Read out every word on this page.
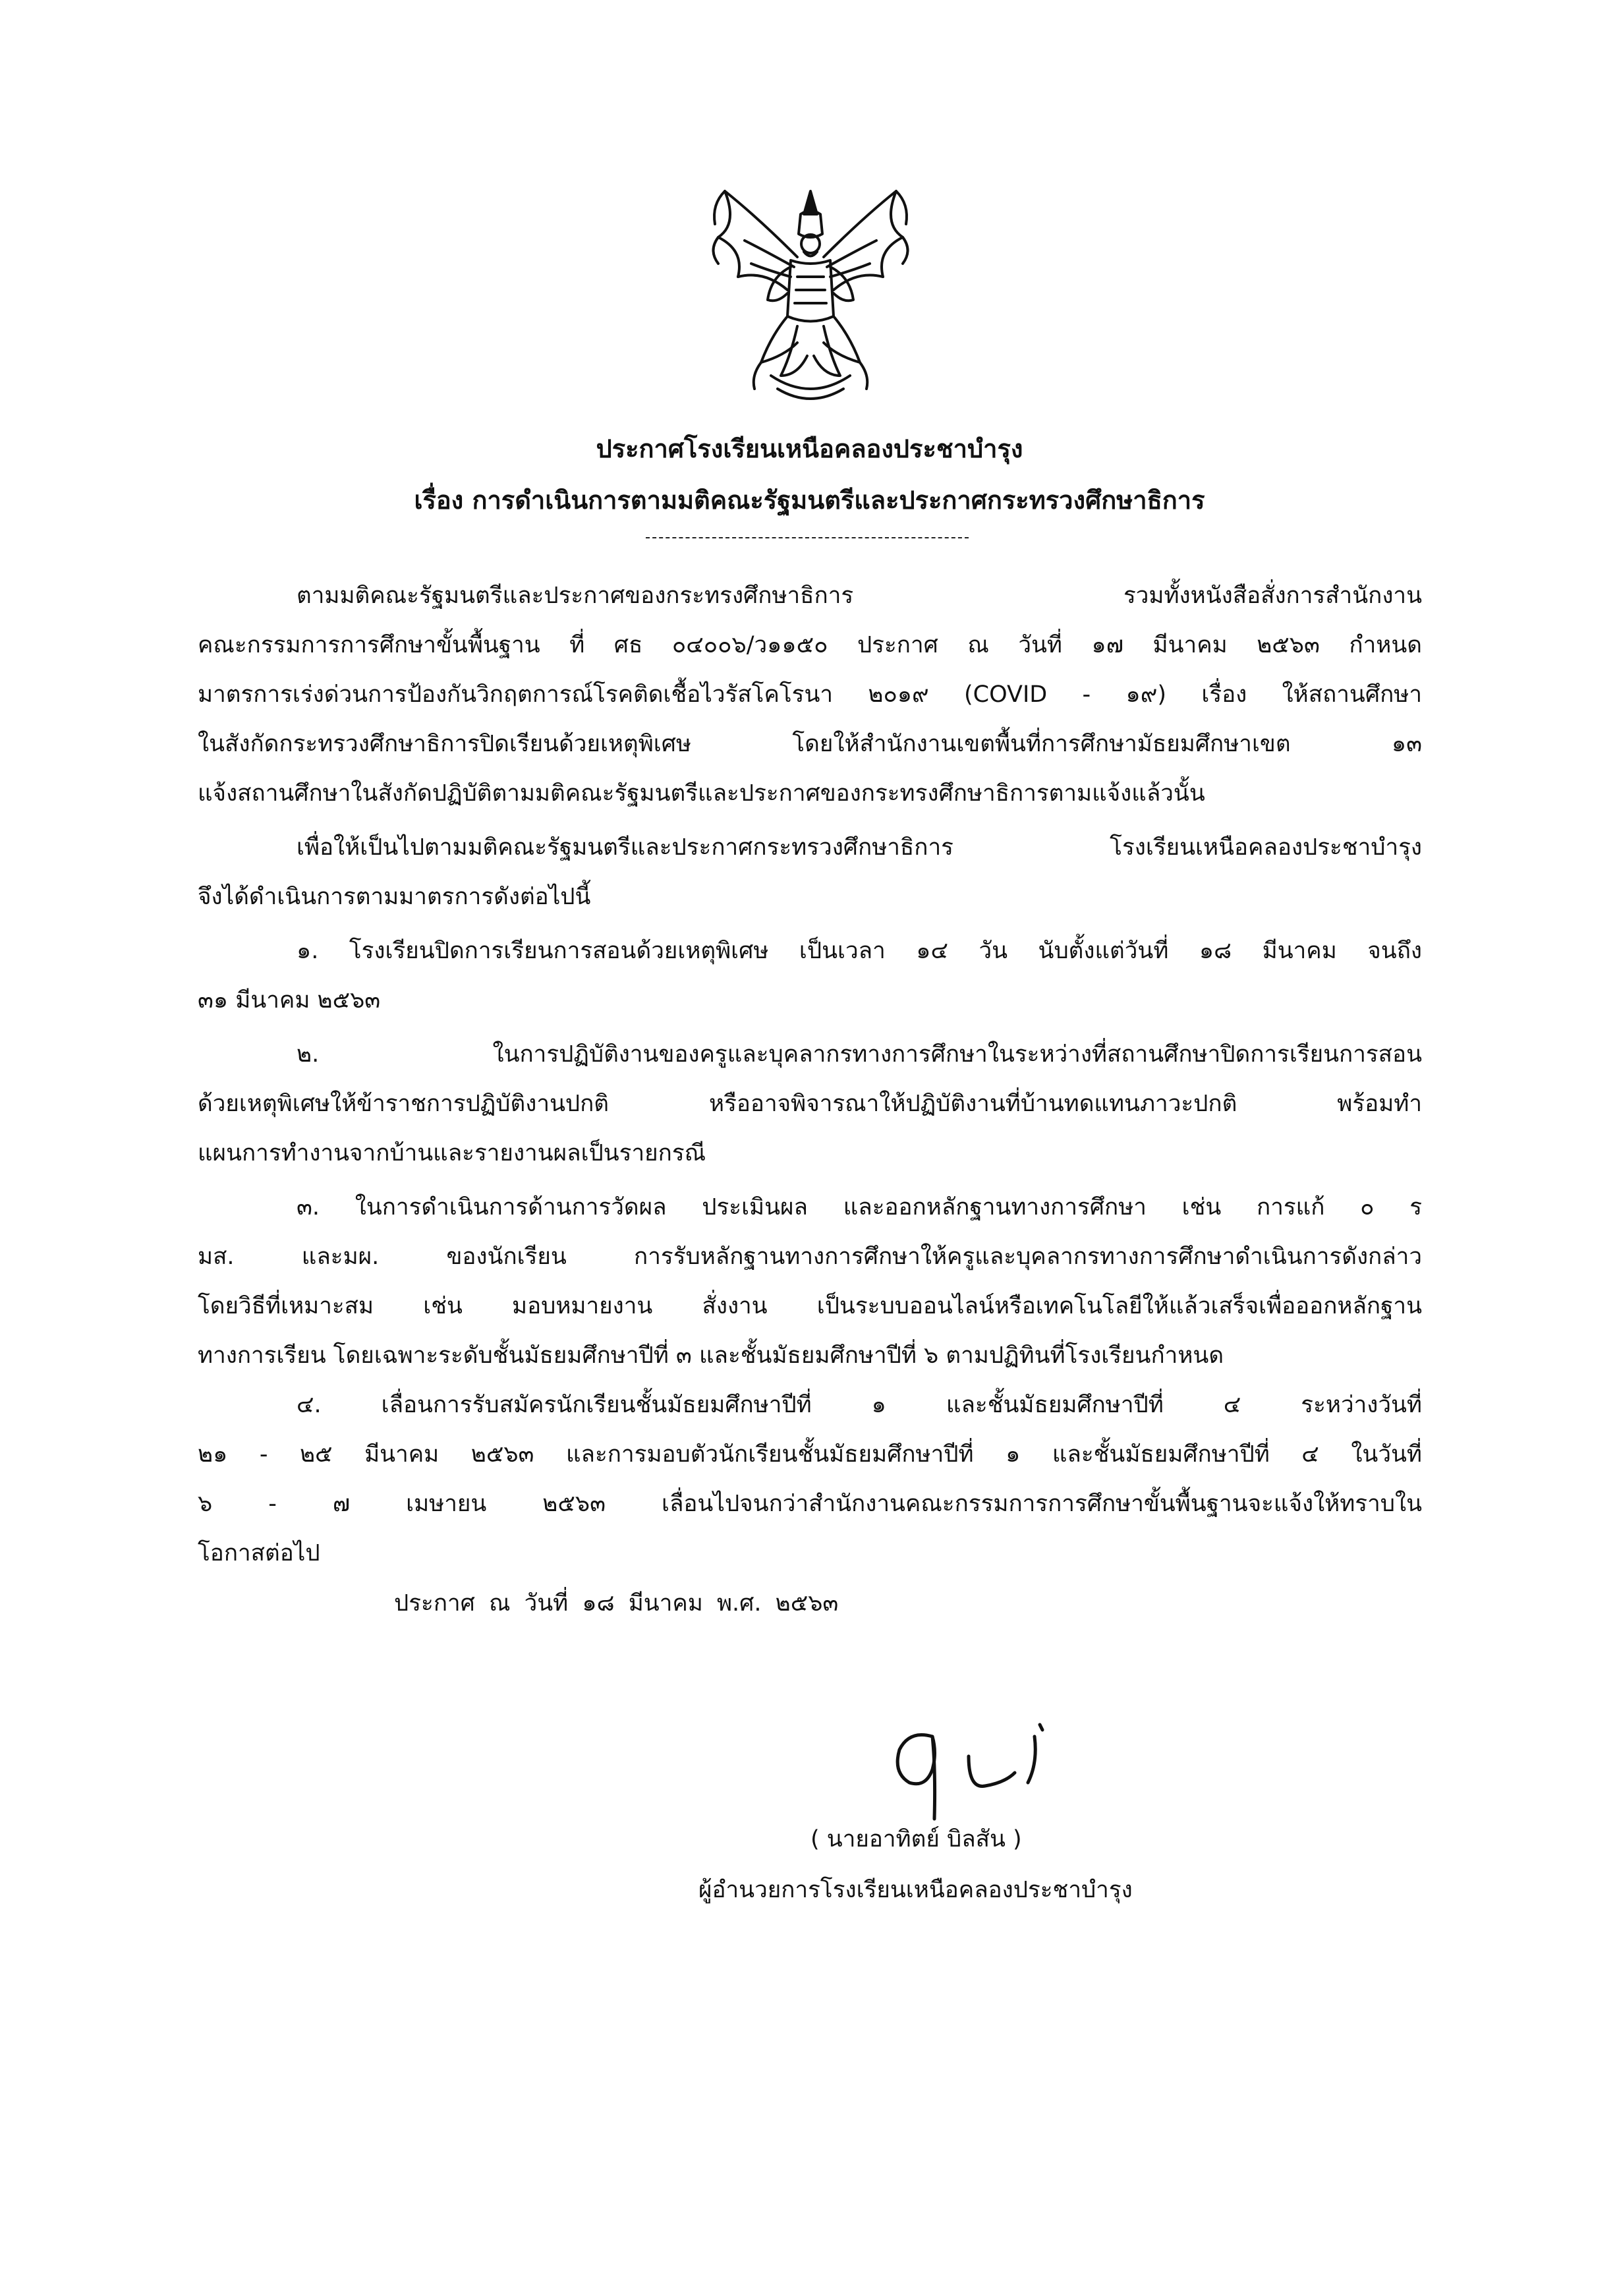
ประกาศโรงเรียนเหนือคลองประชาบำรุง
เรื่อง การดำเนินการตามมติคณะรัฐมนตรีและประกาศกระทรวงศึกษาธิการ
ตามมติคณะรัฐมนตรีและประกาศของกระทรงศึกษาธิการ รวมทั้งหนังสือสั่งการสำนักงาน
คณะกรรมการการศึกษาขั้นพื้นฐาน ที่ ศธ ๐๔๐๐๖/ว๑๑๕๐ ประกาศ ณ วันที่ ๑๗ มีนาคม ๒๕๖๓ กำหนด
มาตรการเร่งด่วนการป้องกันวิกฤตการณ์โรคติดเชื้อไวรัสโคโรนา ๒๐๑๙ (COVID - ๑๙) เรื่อง ให้สถานศึกษา
ในสังกัดกระทรวงศึกษาธิการปิดเรียนด้วยเหตุพิเศษ โดยให้สำนักงานเขตพื้นที่การศึกษามัธยมศึกษาเขต ๑๓
แจ้งสถานศึกษาในสังกัดปฏิบัติตามมติคณะรัฐมนตรีและประกาศของกระทรงศึกษาธิการตามแจ้งแล้วนั้น
เพื่อให้เป็นไปตามมติคณะรัฐมนตรีและประกาศกระทรวงศึกษาธิการ โรงเรียนเหนือคลองประชาบำรุง
จึงได้ดำเนินการตามมาตรการดังต่อไปนี้
๑. โรงเรียนปิดการเรียนการสอนด้วยเหตุพิเศษ เป็นเวลา ๑๔ วัน นับตั้งแต่วันที่ ๑๘ มีนาคม จนถึง
๓๑ มีนาคม ๒๕๖๓
๒. ในการปฏิบัติงานของครูและบุคลากรทางการศึกษาในระหว่างที่สถานศึกษาปิดการเรียนการสอน
ด้วยเหตุพิเศษให้ข้าราชการปฏิบัติงานปกติ หรืออาจพิจารณาให้ปฏิบัติงานที่บ้านทดแทนภาวะปกติ พร้อมทำ
แผนการทำงานจากบ้านและรายงานผลเป็นรายกรณี
๓. ในการดำเนินการด้านการวัดผล ประเมินผล และออกหลักฐานทางการศึกษา เช่น การแก้ ๐ ร
มส. และมผ. ของนักเรียน การรับหลักฐานทางการศึกษาให้ครูและบุคลากรทางการศึกษาดำเนินการดังกล่าว
โดยวิธีที่เหมาะสม เช่น มอบหมายงาน สั่งงาน เป็นระบบออนไลน์หรือเทคโนโลยีให้แล้วเสร็จเพื่อออกหลักฐาน
ทางการเรียน โดยเฉพาะระดับชั้นมัธยมศึกษาปีที่ ๓ และชั้นมัธยมศึกษาปีที่ ๖ ตามปฏิทินที่โรงเรียนกำหนด
๔. เลื่อนการรับสมัครนักเรียนชั้นมัธยมศึกษาปีที่ ๑ และชั้นมัธยมศึกษาปีที่ ๔ ระหว่างวันที่
๒๑ - ๒๕ มีนาคม ๒๕๖๓ และการมอบตัวนักเรียนชั้นมัธยมศึกษาปีที่ ๑ และชั้นมัธยมศึกษาปีที่ ๔ ในวันที่
๖ - ๗ เมษายน ๒๕๖๓ เลื่อนไปจนกว่าสำนักงานคณะกรรมการการศึกษาขั้นพื้นฐานจะแจ้งให้ทราบใน
โอกาสต่อไป
ประกาศ ณ วันที่ ๑๘ มีนาคม พ.ศ. ๒๕๖๓
( นายอาทิตย์ บิลสัน )
ผู้อำนวยการโรงเรียนเหนือคลองประชาบำรุง
